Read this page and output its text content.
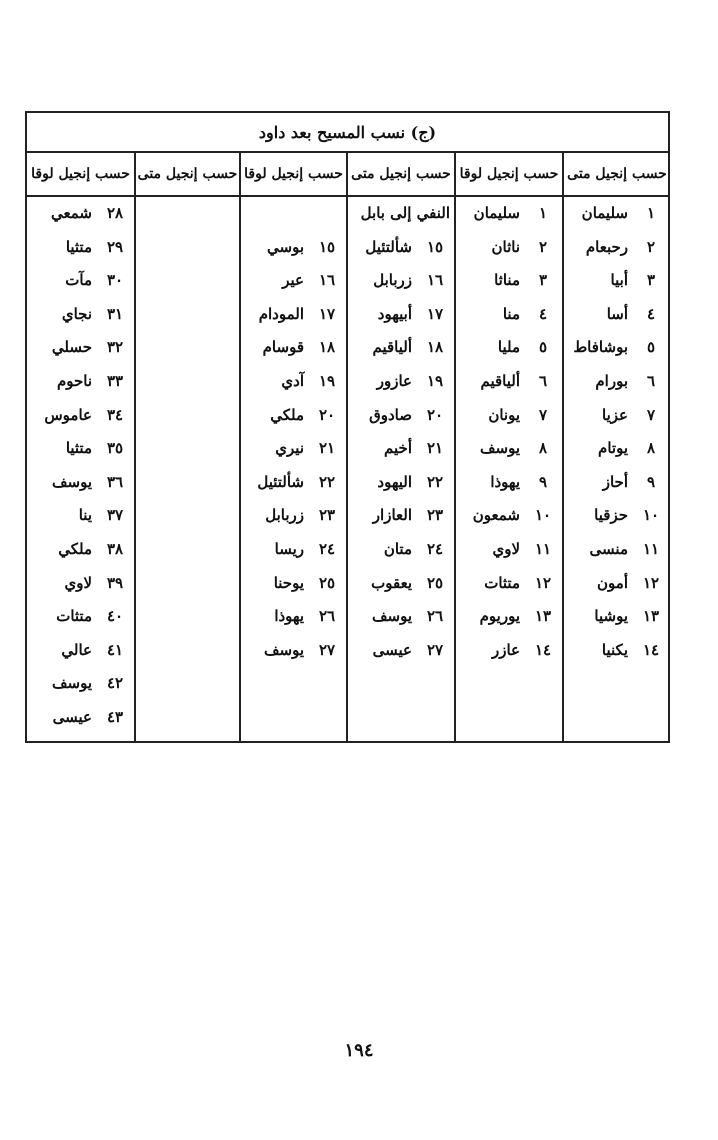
(ج) نسب المسيح بعد داود
حسب إنجيل متى
حسب إنجيل لوقا
حسب إنجيل متى
حسب إنجيل لوقا
حسب إنجيل متى
حسب إنجيل لوقا
١
سليمان
٢
رحبعام
٣
أبيا
٤
أسا
٥
بوشافاط
٦
بورام
٧
عزيا
٨
يوتام
٩
أحاز
١٠
حزقيا
١١
منسى
١٢
أمون
١٣
يوشيا
١٤
يكنيا
١
سليمان
٢
ناثان
٣
مناثا
٤
منا
٥
مليا
٦
ألياقيم
٧
يونان
٨
يوسف
٩
يهوذا
١٠
شمعون
١١
لاوي
١٢
متثات
١٣
يوريوم
١٤
عازر
النفي إلى بابل
١٥
شألتئيل
١٦
زربابل
١٧
أبيهود
١٨
ألياقيم
١٩
عازور
٢٠
صادوق
٢١
أخيم
٢٢
اليهود
٢٣
العازار
٢٤
متان
٢٥
يعقوب
٢٦
يوسف
٢٧
عيسى
١٥
بوسي
١٦
عير
١٧
المودام
١٨
قوسام
١٩
آدي
٢٠
ملكي
٢١
نيري
٢٢
شألتئيل
٢٣
زربابل
٢٤
ريسا
٢٥
يوحنا
٢٦
يهوذا
٢٧
يوسف
٢٨
شمعي
٢٩
متثيا
٣٠
مآت
٣١
نجاي
٣٢
حسلي
٣٣
ناحوم
٣٤
عاموس
٣٥
متثيا
٣٦
يوسف
٣٧
ينا
٣٨
ملكي
٣٩
لاوي
٤٠
متثات
٤١
عالي
٤٢
يوسف
٤٣
عيسى
١٩٤
